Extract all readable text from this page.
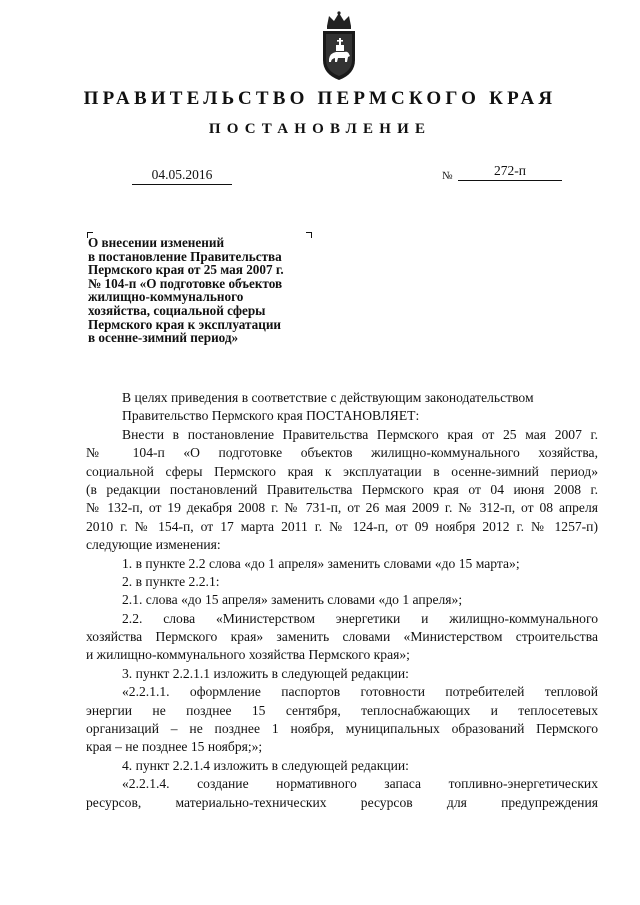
ПРАВИТЕЛЬСТВО ПЕРМСКОГО КРАЯ
ПОСТАНОВЛЕНИЕ
04.05.2016	№	272-п
О внесении изменений
в постановление Правительства
Пермского края от 25 мая 2007 г.
№ 104-п «О подготовке объектов
жилищно-коммунального
хозяйства, социальной сферы
Пермского края к эксплуатации
в осенне-зимний период»
В целях приведения в соответствие с действующим законодательством
Правительство Пермского края ПОСТАНОВЛЯЕТ:
Внести в постановление Правительства Пермского края от 25 мая 2007 г.
№ 104-п «О подготовке объектов жилищно-коммунального хозяйства,
социальной сферы Пермского края к эксплуатации в осенне-зимний период»
(в редакции постановлений Правительства Пермского края от 04 июня 2008 г.
№ 132-п, от 19 декабря 2008 г. № 731-п, от 26 мая 2009 г. № 312-п, от 08 апреля
2010 г. № 154-п, от 17 марта 2011 г. № 124-п, от 09 ноября 2012 г. № 1257-п)
следующие изменения:
1. в пункте 2.2 слова «до 1 апреля» заменить словами «до 15 марта»;
2. в пункте 2.2.1:
2.1. слова «до 15 апреля» заменить словами «до 1 апреля»;
2.2. слова «Министерством энергетики и жилищно-коммунального
хозяйства Пермского края» заменить словами «Министерством строительства
и жилищно-коммунального хозяйства Пермского края»;
3. пункт 2.2.1.1 изложить в следующей редакции:
«2.2.1.1. оформление паспортов готовности потребителей тепловой
энергии не позднее 15 сентября, теплоснабжающих и теплосетевых
организаций – не позднее 1 ноября, муниципальных образований Пермского
края – не позднее 15 ноября;»;
4. пункт 2.2.1.4 изложить в следующей редакции:
«2.2.1.4. создание нормативного запаса топливно-энергетических
ресурсов, материально-технических ресурсов для предупреждения
